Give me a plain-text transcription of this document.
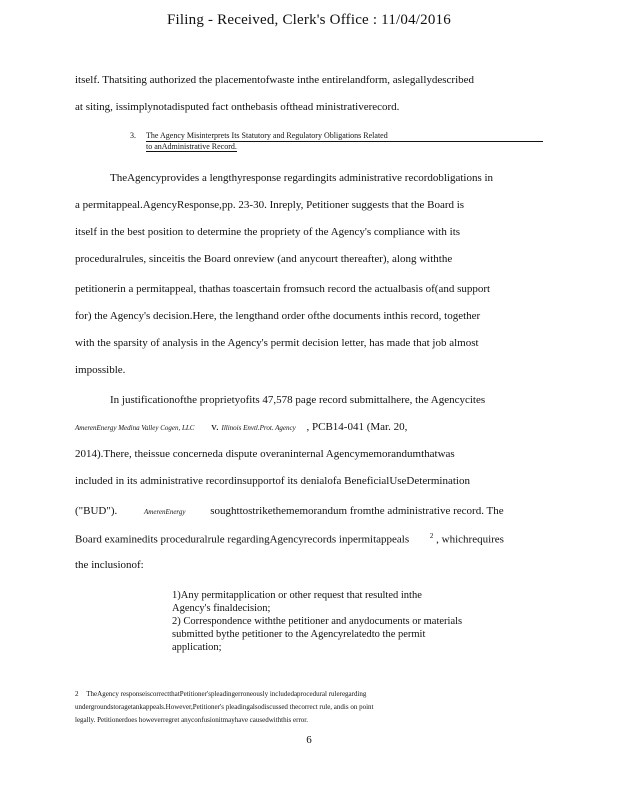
Filing - Received, Clerk's Office : 11/04/2016
itself. Thatsiting authorized the placementofwaste inthe entirelandform, aslegallydescribed
at siting, issimplynotadisputed fact onthebasis ofthead ministrativerecord.
3. The Agency Misinterprets Its Statutory and Regulatory Obligations Related
to anAdministrative Record.
TheAgencyprovides a lengthyresponse regardingits administrative recordobligations in
a permitappeal.AgencyResponse,pp. 23-30. Inreply, Petitioner suggests that the Board is
itself in the best position to determine the propriety of the Agency's compliance with its
proceduralrules, sinceitis the Board onreview (and anycourt thereafter), along withthe
petitionerin a permitappeal, thathas toascertain fromsuch record the actualbasis of(and support
for) the Agency's decision.Here, the lengthand order ofthe documents inthis record, together
with the sparsity of analysis in the Agency's permit decision letter, has made that job almost
impossible.
In justificationofthe proprietyofits 47,578 page record submittalhere, the Agencycites
AmerenEnergy Medina Valley Cogen, LLC v. Illinois Envtl.Prot. Agency , PCB14-041 (Mar. 20,
2014).There, theissue concerneda dispute overaninternal Agencymemorandumthatwas
included in its administrative recordinsupportof its denialofa BeneficialUseDetermination
("BUD").	AmerenEnergy soughttostrikethememorandum fromthe administrative record. The
Board examinedits proceduralrule regardingAgencyrecords inpermitappeals	$^2$ , whichrequires
the inclusionof:
1)Any permitapplication or other request that resulted inthe
Agency's finaldecision;
2) Correspondence withthe petitioner and anydocuments or materials
submitted bythe petitioner to the Agencyrelatedto the permit
application;
2 TheAgency responseiscorrectthatPetitioner'spleadingerroneously includedaprocedural ruleregarding
undergroundstoragetankappeals.However,Petitioner's pleadingalsodiscussed thecorrect rule, andis on point
legally. Petitionerdoes howeverregret anyconfusionitmayhave causedwiththis error.
6
